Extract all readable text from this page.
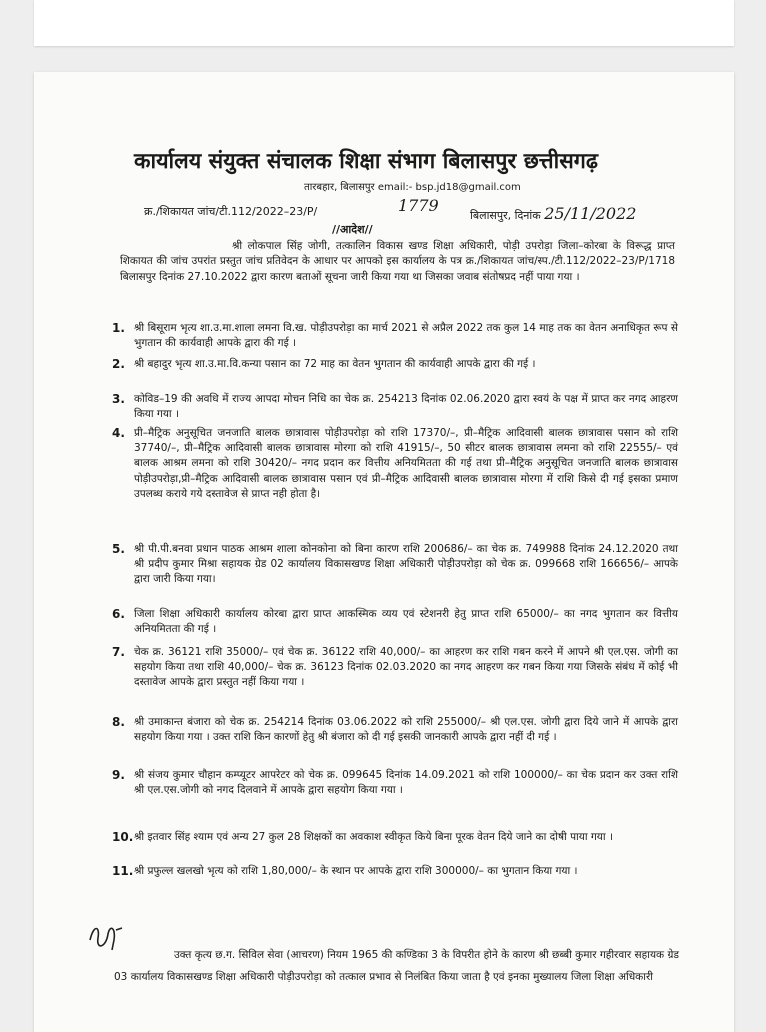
कार्यालय संयुक्त संचालक शिक्षा संभाग बिलासपुर छत्तीसगढ़
तारबहार, बिलासपुर email:- bsp.jd18@gmail.com
क्र./शिकायत जांच/टी.112/2022–23/P/	1779
बिलासपुर, दिनांक 25/11/2022
//आदेश//
श्री लोकपाल सिंह जोगी, तत्कालिन विकास खण्ड शिक्षा अधिकारी, पोड़ी उपरोड़ा जिला–कोरबा के विरूद्ध प्राप्त शिकायत की जांच उपरांत प्रस्तुत जांच प्रतिवेदन के आधार पर आपको इस कार्यालय के पत्र क्र./शिकायत जांच/स्प./टी.112/2022–23/P/1718 बिलासपुर दिनांक 27.10.2022 द्वारा कारण बताओं सूचना जारी किया गया था जिसका जवाब संतोषप्रद नहीं पाया गया ।
1. श्री बिसूराम भृत्य शा.उ.मा.शाला लमना वि.ख. पोड़ीउपरोड़ा का मार्च 2021 से अप्रैल 2022 तक कुल 14 माह तक का वेतन अनाधिकृत रूप से भुगतान की कार्यवाही आपके द्वारा की गई ।
2. श्री बहादुर भृत्य शा.उ.मा.वि.कन्या पसान का 72 माह का वेतन भुगतान की कार्यवाही आपके द्वारा की गई ।
3. कोविड–19 की अवधि में राज्य आपदा मोचन निधि का चेक क्र. 254213 दिनांक 02.06.2020 द्वारा स्वयं के पक्ष में प्राप्त कर नगद आहरण किया गया ।
4. प्री–मैट्रिक अनुसूचित जनजाति बालक छात्रावास पोड़ीउपरोड़ा को राशि 17370/–, प्री–मैट्रिक आदिवासी बालक छात्रावास पसान को राशि 37740/–, प्री–मैट्रिक आदिवासी बालक छात्रावास मोरगा को राशि 41915/–, 50 सीटर बालक छात्रावास लमना को राशि 22555/– एवं बालक आश्रम लमना को राशि 30420/– नगद प्रदान कर वित्तीय अनियमितता की गई तथा प्री–मैट्रिक अनुसूचित जनजाति बालक छात्रावास पोड़ीउपरोड़ा,प्री–मैट्रिक आदिवासी बालक छात्रावास पसान एवं प्री–मैट्रिक आदिवासी बालक छात्रावास मोरगा में राशि किसे दी गई इसका प्रमाण उपलब्ध कराये गये दस्तावेज से प्राप्त नही होता है।
5. श्री पी.पी.बनवा प्रधान पाठक आश्रम शाला कोनकोना को बिना कारण राशि 200686/– का चेक क्र. 749988 दिनांक 24.12.2020 तथा श्री प्रदीप कुमार मिश्रा सहायक ग्रेड 02 कार्यालय विकासखण्ड शिक्षा अधिकारी पोड़ीउपरोड़ा को चेक क्र. 099668 राशि 166656/– आपके द्वारा जारी किया गया।
6. जिला शिक्षा अधिकारी कार्यालय कोरबा द्वारा प्राप्त आकस्मिक व्यय एवं स्टेशनरी हेतु प्राप्त राशि 65000/– का नगद भुगतान कर वित्तीय अनियमितता की गई ।
7. चेक क्र. 36121 राशि 35000/– एवं चेक क्र. 36122 राशि 40,000/– का आहरण कर राशि गबन करने में आपने श्री एल.एस. जोगी का सहयोग किया तथा राशि 40,000/– चेक क्र. 36123 दिनांक 02.03.2020 का नगद आहरण कर गबन किया गया जिसके संबंध में कोई भी दस्तावेज आपके द्वारा प्रस्तुत नहीं किया गया ।
8. श्री उमाकान्त बंजारा को चेक क्र. 254214 दिनांक 03.06.2022 को राशि 255000/– श्री एल.एस. जोगी द्वारा दिये जाने में आपके द्वारा सहयोग किया गया । उक्त राशि किन कारणों हेतु श्री बंजारा को दी गई इसकी जानकारी आपके द्वारा नहीं दी गई ।
9. श्री संजय कुमार चौहान कम्प्यूटर आपरेटर को चेक क्र. 099645 दिनांक 14.09.2021 को राशि 100000/– का चेक प्रदान कर उक्त राशि श्री एल.एस.जोगी को नगद दिलवाने में आपके द्वारा सहयोग किया गया ।
10. श्री इतवार सिंह श्याम एवं अन्य 27 कुल 28 शिक्षकों का अवकाश स्वीकृत किये बिना पूरक वेतन दिये जाने का दोषी पाया गया ।
11. श्री प्रफुल्ल खलखो भृत्य को राशि 1,80,000/– के स्थान पर आपके द्वारा राशि 300000/– का भुगतान किया गया ।
उक्त कृत्य छ.ग. सिविल सेवा (आचरण) नियम 1965 की कण्डिका 3 के विपरीत होने के कारण श्री छब्बी कुमार गहीरवार सहायक ग्रेड 03 कार्यालय विकासखण्ड शिक्षा अधिकारी पोड़ीउपरोड़ा को तत्काल प्रभाव से निलंबित किया जाता है एवं इनका मुख्यालय जिला शिक्षा अधिकारी
